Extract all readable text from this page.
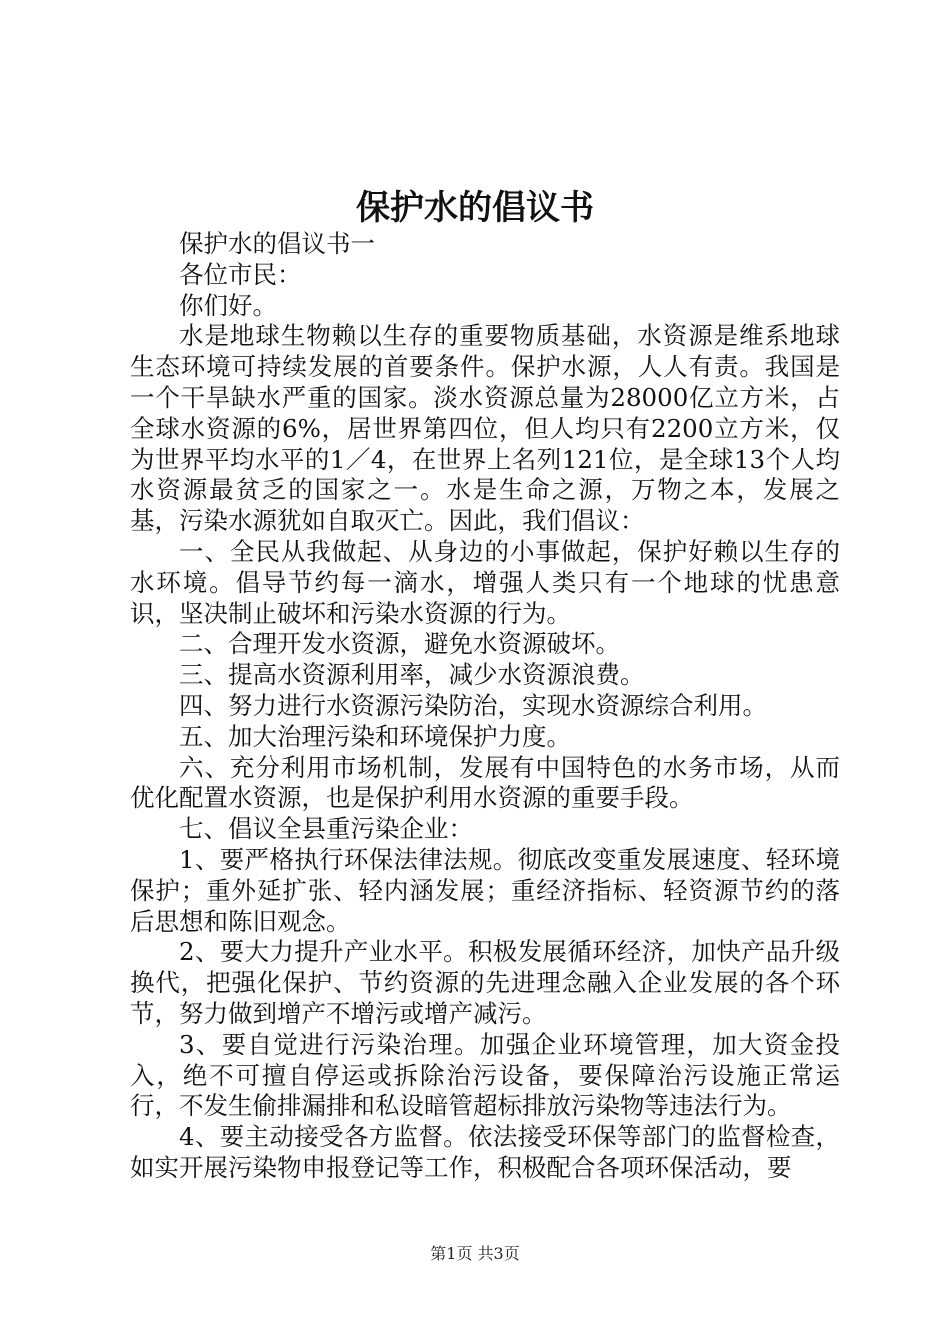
保护水的倡议书

保护水的倡议书一

各位市民：

你们好。

水是地球生物赖以生存的重要物质基础，水资源是维系地球生态环境可持续发展的首要条件。保护水源，人人有责。我国是一个干旱缺水严重的国家。淡水资源总量为28000亿立方米，占全球水资源的6%，居世界第四位，但人均只有2200立方米，仅为世界平均水平的1／4，在世界上名列121位，是全球13个人均水资源最贫乏的国家之一。水是生命之源，万物之本，发展之基，污染水源犹如自取灭亡。因此，我们倡议：

一、全民从我做起、从身边的小事做起，保护好赖以生存的水环境。倡导节约每一滴水，增强人类只有一个地球的忧患意识，坚决制止破坏和污染水资源的行为。

二、合理开发水资源，避免水资源破坏。

三、提高水资源利用率，减少水资源浪费。

四、努力进行水资源污染防治，实现水资源综合利用。

五、加大治理污染和环境保护力度。

六、充分利用市场机制，发展有中国特色的水务市场，从而优化配置水资源，也是保护利用水资源的重要手段。

七、倡议全县重污染企业：

1、要严格执行环保法律法规。彻底改变重发展速度、轻环境保护；重外延扩张、轻内涵发展；重经济指标、轻资源节约的落后思想和陈旧观念。

2、要大力提升产业水平。积极发展循环经济，加快产品升级换代，把强化保护、节约资源的先进理念融入企业发展的各个环节，努力做到增产不增污或增产减污。

3、要自觉进行污染治理。加强企业环境管理，加大资金投入，绝不可擅自停运或拆除治污设备，要保障治污设施正常运行，不发生偷排漏排和私设暗管超标排放污染物等违法行为。

4、要主动接受各方监督。依法接受环保等部门的监督检查，如实开展污染物申报登记等工作，积极配合各项环保活动，要

第1页 共3页
